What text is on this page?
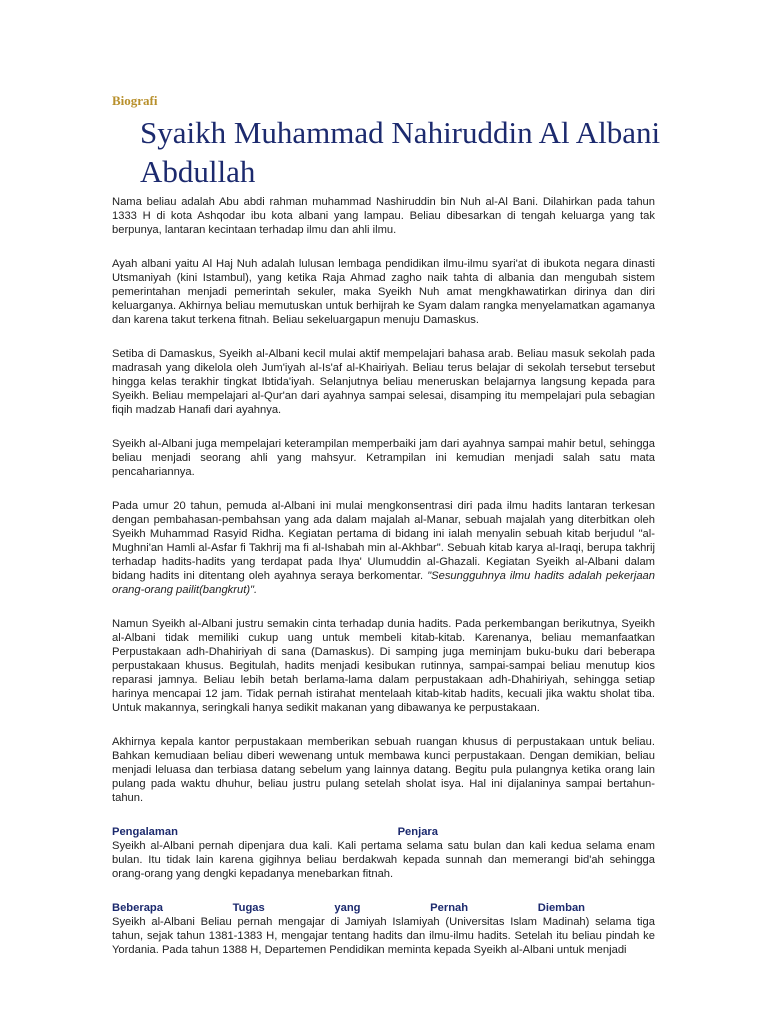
Biografi
Syaikh Muhammad Nahiruddin Al Albani Abdullah

Nama beliau adalah Abu abdi rahman muhammad Nashiruddin bin Nuh al-Al Bani. Dilahirkan pada tahun 1333 H di kota Ashqodar ibu kota albani yang lampau. Beliau dibesarkan di tengah keluarga yang tak berpunya, lantaran kecintaan terhadap ilmu dan ahli ilmu.

Ayah albani yaitu Al Haj Nuh adalah lulusan lembaga pendidikan ilmu-ilmu syari'at di ibukota negara dinasti Utsmaniyah (kini Istambul), yang ketika Raja Ahmad zagho naik tahta di albania dan mengubah sistem pemerintahan menjadi pemerintah sekuler, maka Syeikh Nuh amat mengkhawatirkan dirinya dan diri keluarganya. Akhirnya beliau memutuskan untuk berhijrah ke Syam dalam rangka menyelamatkan agamanya dan karena takut terkena fitnah. Beliau sekeluargapun menuju Damaskus.

Setiba di Damaskus, Syeikh al-Albani kecil mulai aktif mempelajari bahasa arab. Beliau masuk sekolah pada madrasah yang dikelola oleh Jum'iyah al-Is'af al-Khairiyah. Beliau terus belajar di sekolah tersebut tersebut hingga kelas terakhir tingkat Ibtida'iyah. Selanjutnya beliau meneruskan belajarnya langsung kepada para Syeikh. Beliau mempelajari al-Qur'an dari ayahnya sampai selesai, disamping itu mempelajari pula sebagian fiqih madzab Hanafi dari ayahnya.

Syeikh al-Albani juga mempelajari keterampilan memperbaiki jam dari ayahnya sampai mahir betul, sehingga beliau menjadi seorang ahli yang mahsyur. Ketrampilan ini kemudian menjadi salah satu mata pencahariannya.

Pada umur 20 tahun, pemuda al-Albani ini mulai mengkonsentrasi diri pada ilmu hadits lantaran terkesan dengan pembahasan-pembahsan yang ada dalam majalah al-Manar, sebuah majalah yang diterbitkan oleh Syeikh Muhammad Rasyid Ridha. Kegiatan pertama di bidang ini ialah menyalin sebuah kitab berjudul "al-Mughni'an Hamli al-Asfar fi Takhrij ma fi al-Ishabah min al-Akhbar". Sebuah kitab karya al-Iraqi, berupa takhrij terhadap hadits-hadits yang terdapat pada Ihya' Ulumuddin al-Ghazali. Kegiatan Syeikh al-Albani dalam bidang hadits ini ditentang oleh ayahnya seraya berkomentar. "Sesungguhnya ilmu hadits adalah pekerjaan orang-orang pailit(bangkrut)".

Namun Syeikh al-Albani justru semakin cinta terhadap dunia hadits. Pada perkembangan berikutnya, Syeikh al-Albani tidak memiliki cukup uang untuk membeli kitab-kitab. Karenanya, beliau memanfaatkan Perpustakaan adh-Dhahiriyah di sana (Damaskus). Di samping juga meminjam buku-buku dari beberapa perpustakaan khusus. Begitulah, hadits menjadi kesibukan rutinnya, sampai-sampai beliau menutup kios reparasi jamnya. Beliau lebih betah berlama-lama dalam perpustakaan adh-Dhahiriyah, sehingga setiap harinya mencapai 12 jam. Tidak pernah istirahat mentelaah kitab-kitab hadits, kecuali jika waktu sholat tiba. Untuk makannya, seringkali hanya sedikit makanan yang dibawanya ke perpustakaan.

Akhirnya kepala kantor perpustakaan memberikan sebuah ruangan khusus di perpustakaan untuk beliau. Bahkan kemudiaan beliau diberi wewenang untuk membawa kunci perpustakaan. Dengan demikian, beliau menjadi leluasa dan terbiasa datang sebelum yang lainnya datang. Begitu pula pulangnya ketika orang lain pulang pada waktu dhuhur, beliau justru pulang setelah sholat isya. Hal ini dijalaninya sampai bertahun-tahun.

Pengalaman	Penjara

Syeikh al-Albani pernah dipenjara dua kali. Kali pertama selama satu bulan dan kali kedua selama enam bulan. Itu tidak lain karena gigihnya beliau berdakwah kepada sunnah dan memerangi bid'ah sehingga orang-orang yang dengki kepadanya menebarkan fitnah.

Beberapa	Tugas	yang	Pernah	Diemban

Syeikh al-Albani Beliau pernah mengajar di Jamiyah Islamiyah (Universitas Islam Madinah) selama tiga tahun, sejak tahun 1381-1383 H, mengajar tentang hadits dan ilmu-ilmu hadits. Setelah itu beliau pindah ke Yordania. Pada tahun 1388 H, Departemen Pendidikan meminta kepada Syeikh al-Albani untuk menjadi
